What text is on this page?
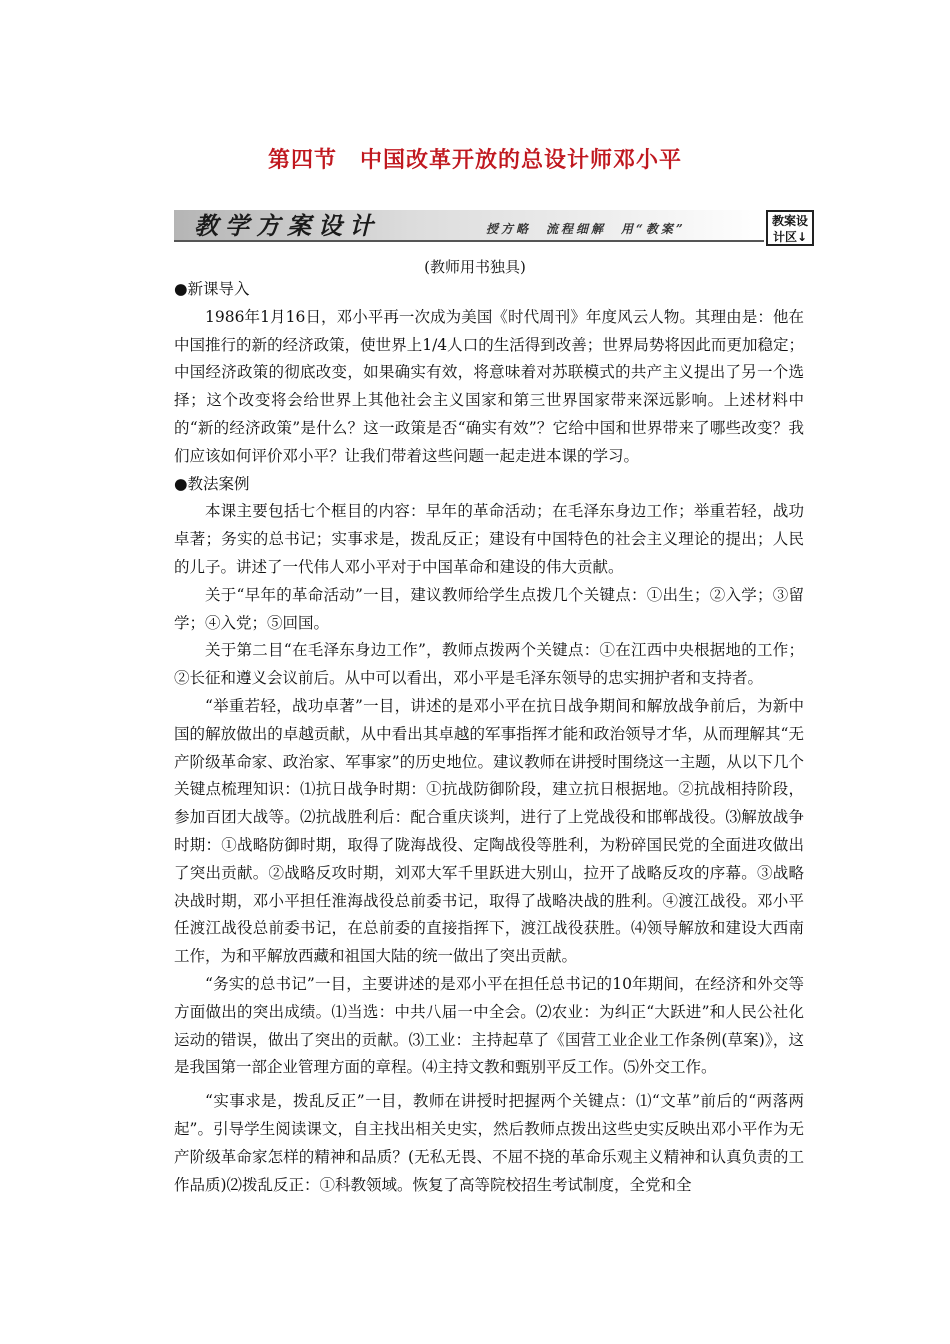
第四节　中国改革开放的总设计师邓小平
教学方案设计	授方略　流程细解　用“教案”
教案设
计区↓
(教师用书独具)
●新课导入

1986年1月16日，邓小平再一次成为美国《时代周刊》年度风云人物。其理由是：他在中国推行的新的经济政策，使世界上1/4人口的生活得到改善；世界局势将因此而更加稳定；中国经济政策的彻底改变，如果确实有效，将意味着对苏联模式的共产主义提出了另一个选择；这个改变将会给世界上其他社会主义国家和第三世界国家带来深远影响。上述材料中的“新的经济政策”是什么？这一政策是否“确实有效”？它给中国和世界带来了哪些改变？我们应该如何评价邓小平？让我们带着这些问题一起走进本课的学习。

●教法案例

本课主要包括七个框目的内容：早年的革命活动；在毛泽东身边工作；举重若轻，战功卓著；务实的总书记；实事求是，拨乱反正；建设有中国特色的社会主义理论的提出；人民的儿子。讲述了一代伟人邓小平对于中国革命和建设的伟大贡献。

关于“早年的革命活动”一目，建议教师给学生点拨几个关键点：①出生；②入学；③留学；④入党；⑤回国。

关于第二目“在毛泽东身边工作”，教师点拨两个关键点：①在江西中央根据地的工作；②长征和遵义会议前后。从中可以看出，邓小平是毛泽东领导的忠实拥护者和支持者。

“举重若轻，战功卓著”一目，讲述的是邓小平在抗日战争期间和解放战争前后，为新中国的解放做出的卓越贡献，从中看出其卓越的军事指挥才能和政治领导才华，从而理解其“无产阶级革命家、政治家、军事家”的历史地位。建议教师在讲授时围绕这一主题，从以下几个关键点梳理知识：⑴抗日战争时期：①抗战防御阶段，建立抗日根据地。②抗战相持阶段，参加百团大战等。⑵抗战胜利后：配合重庆谈判，进行了上党战役和邯郸战役。⑶解放战争时期：①战略防御时期，取得了陇海战役、定陶战役等胜利，为粉碎国民党的全面进攻做出了突出贡献。②战略反攻时期，刘邓大军千里跃进大别山，拉开了战略反攻的序幕。③战略决战时期，邓小平担任淮海战役总前委书记，取得了战略决战的胜利。④渡江战役。邓小平任渡江战役总前委书记，在总前委的直接指挥下，渡江战役获胜。⑷领导解放和建设大西南工作，为和平解放西藏和祖国大陆的统一做出了突出贡献。

“务实的总书记”一目，主要讲述的是邓小平在担任总书记的10年期间，在经济和外交等方面做出的突出成绩。⑴当选：中共八届一中全会。⑵农业：为纠正“大跃进”和人民公社化运动的错误，做出了突出的贡献。⑶工业：主持起草了《国营工业企业工作条例(草案)》，这是我国第一部企业管理方面的章程。⑷主持文教和甄别平反工作。⑸外交工作。

“实事求是，拨乱反正”一目，教师在讲授时把握两个关键点：⑴“文革”前后的“两落两起”。引导学生阅读课文，自主找出相关史实，然后教师点拨出这些史实反映出邓小平作为无产阶级革命家怎样的精神和品质？(无私无畏、不屈不挠的革命乐观主义精神和认真负责的工作品质)⑵拨乱反正：①科教领域。恢复了高等院校招生考试制度，全党和全
